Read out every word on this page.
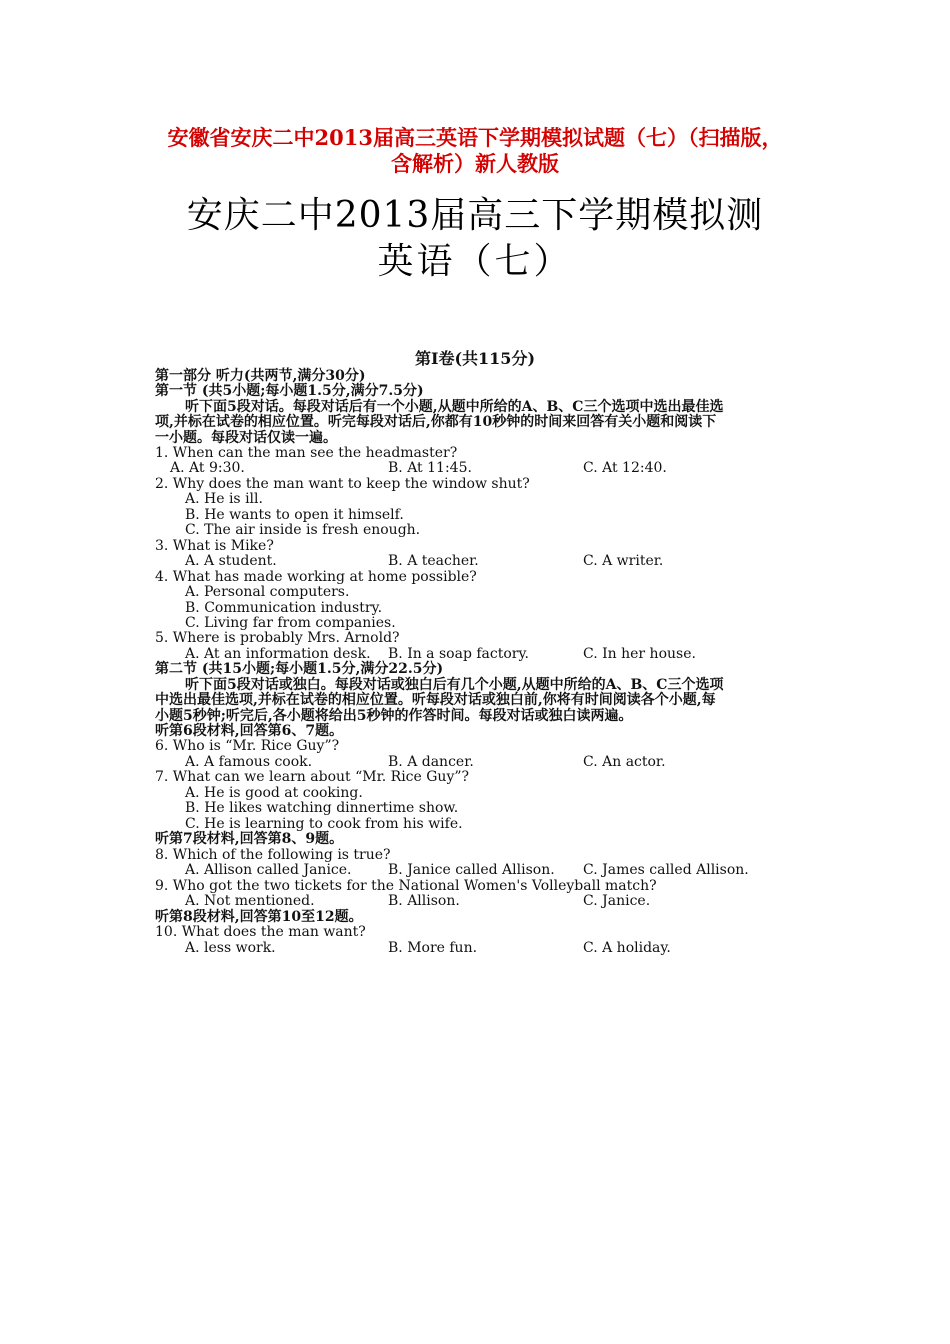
安徽省安庆二中2013届高三英语下学期模拟试题（七）（扫描版，
含解析）新人教版
安庆二中2013届高三下学期模拟测
英语（七）
第Ⅰ卷(共115分)
第一部分 听力(共两节,满分30分)
第一节 (共5小题;每小题1.5分,满分7.5分)
听下面5段对话。每段对话后有一个小题,从题中所给的A、B、C三个选项中选出最佳选
项,并标在试卷的相应位置。听完每段对话后,你都有10秒钟的时间来回答有关小题和阅读下
一小题。每段对话仅读一遍。
1. When can the man see the headmaster?
A. At 9:30.	B. At 11:45.	C. At 12:40.
2. Why does the man want to keep the window shut?
A. He is ill.
B. He wants to open it himself.
C. The air inside is fresh enough.
3. What is Mike?
A. A student.	B. A teacher.	C. A writer.
4. What has made working at home possible?
A. Personal computers.
B. Communication industry.
C. Living far from companies.
5. Where is probably Mrs. Arnold?
A. At an information desk. B. In a soap factory.	C. In her house.
第二节 (共15小题;每小题1.5分,满分22.5分)
听下面5段对话或独白。每段对话或独白后有几个小题,从题中所给的A、B、C三个选项
中选出最佳选项,并标在试卷的相应位置。听每段对话或独白前,你将有时间阅读各个小题,每
小题5秒钟;听完后,各小题将给出5秒钟的作答时间。每段对话或独白读两遍。
听第6段材料,回答第6、7题。
6. Who is “Mr. Rice Guy”?
A. A famous cook.	B. A dancer.	C. An actor.
7. What can we learn about “Mr. Rice Guy”?
A. He is good at cooking.
B. He likes watching dinnertime show.
C. He is learning to cook from his wife.
听第7段材料,回答第8、9题。
8. Which of the following is true?
A. Allison called Janice.	B. Janice called Allison. C. James called Allison.
9. Who got the two tickets for the National Women's Volleyball match?
A. Not mentioned.	B. Allison.	C. Janice.
听第8段材料,回答第10至12题。
10. What does the man want?
A. less work.	B. More fun.	C. A holiday.
